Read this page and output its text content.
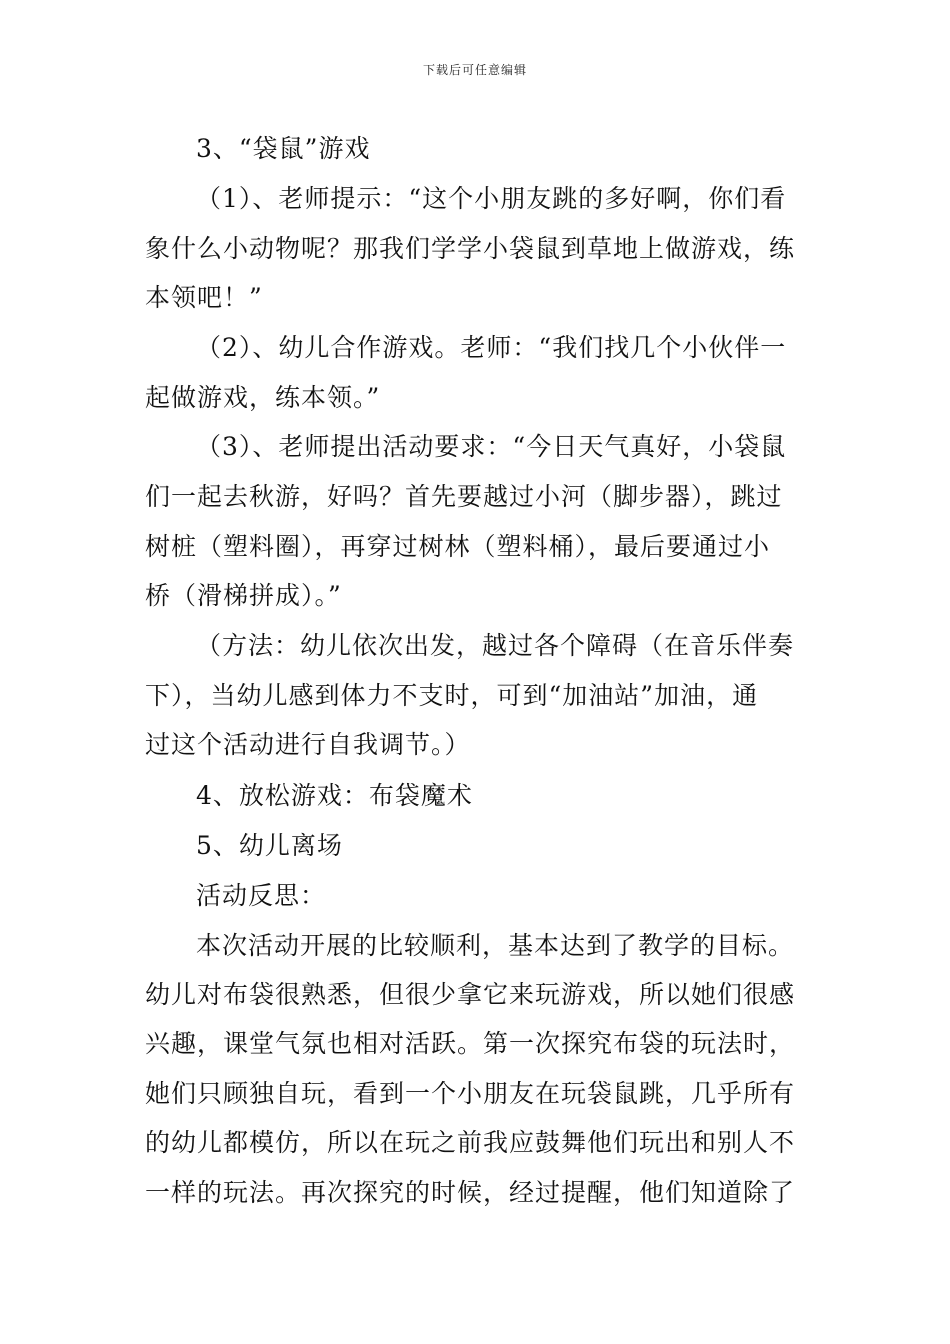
下载后可任意编辑
3、“袋鼠”游戏
（1）、老师提示：“这个小朋友跳的多好啊，你们看
象什么小动物呢？那我们学学小袋鼠到草地上做游戏，练
本领吧！”
（2）、幼儿合作游戏。老师：“我们找几个小伙伴一
起做游戏，练本领。”
（3）、老师提出活动要求：“今日天气真好，小袋鼠
们一起去秋游，好吗？首先要越过小河（脚步器），跳过
树桩（塑料圈），再穿过树林（塑料桶），最后要通过小
桥（滑梯拼成）。”
（方法：幼儿依次出发，越过各个障碍（在音乐伴奏
下），当幼儿感到体力不支时，可到“加油站”加油，通
过这个活动进行自我调节。）
4、放松游戏：布袋魔术
5、幼儿离场
活动反思：
本次活动开展的比较顺利，基本达到了教学的目标。
幼儿对布袋很熟悉，但很少拿它来玩游戏，所以她们很感
兴趣，课堂气氛也相对活跃。第一次探究布袋的玩法时，
她们只顾独自玩，看到一个小朋友在玩袋鼠跳，几乎所有
的幼儿都模仿，所以在玩之前我应鼓舞他们玩出和别人不
一样的玩法。再次探究的时候，经过提醒，他们知道除了
